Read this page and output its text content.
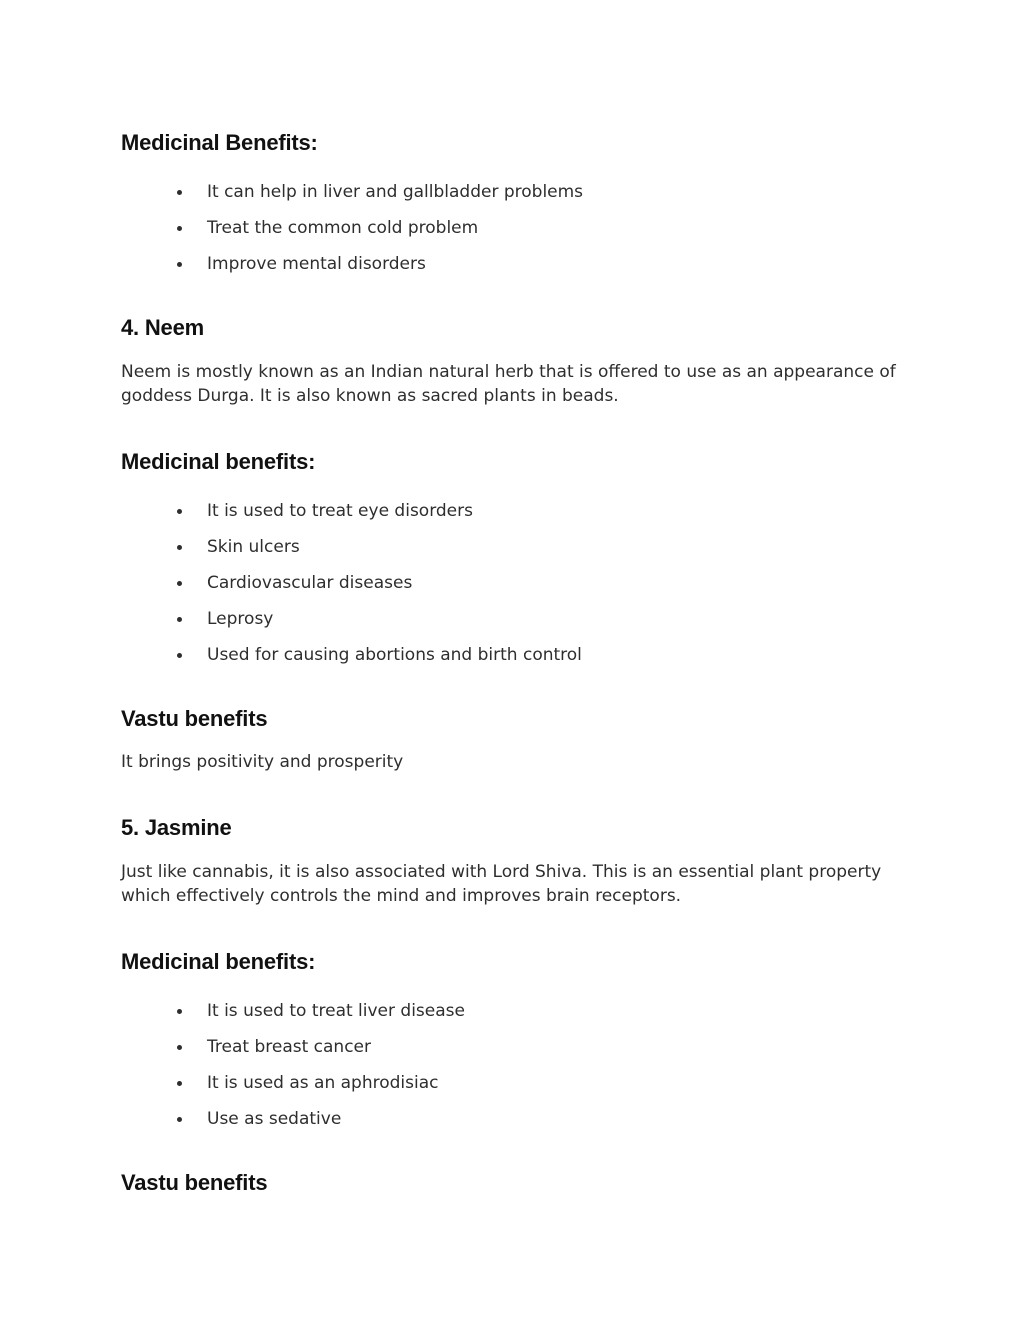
Medicinal Benefits:
It can help in liver and gallbladder problems
Treat the common cold problem
Improve mental disorders
4. Neem

Neem is mostly known as an Indian natural herb that is offered to use as an appearance of goddess Durga. It is also known as sacred plants in beads.

Medicinal benefits:
It is used to treat eye disorders
Skin ulcers
Cardiovascular diseases
Leprosy
Used for causing abortions and birth control
Vastu benefits

It brings positivity and prosperity

5. Jasmine

Just like cannabis, it is also associated with Lord Shiva. This is an essential plant property which effectively controls the mind and improves brain receptors.

Medicinal benefits:
It is used to treat liver disease
Treat breast cancer
It is used as an aphrodisiac
Use as sedative
Vastu benefits
